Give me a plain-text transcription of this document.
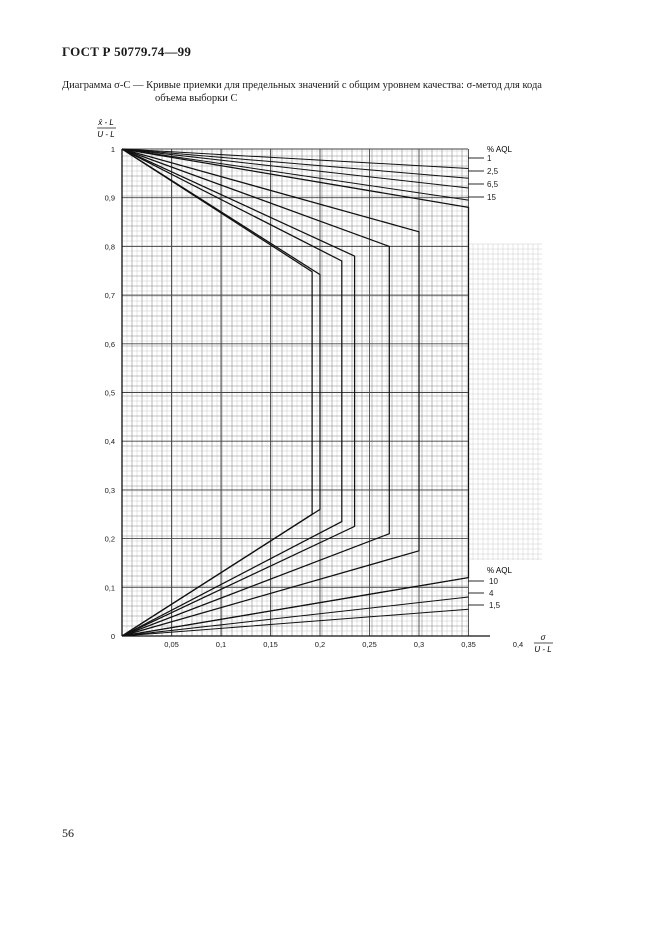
ГОСТ Р 50779.74—99
Диаграмма σ-С — Кривые приемки для предельных значений с общим уровнем качества: σ-метод для кода
объема выборки С
56
x̄ - L
U - L
σ
U - L
% AQL
% AQL
0
0,1
0,2
0,3
0,4
0,5
0,6
0,7
0,8
0,9
1
0,05	0,1	0,15	0,2	0,25	0,3	0,35	0,4
1
2,5
6,5
15
10
4
1,5
